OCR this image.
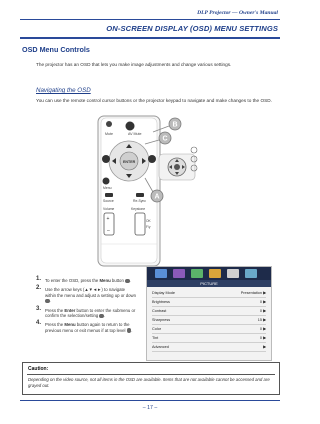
DLP Projector — Owner's Manual
ON-SCREEN DISPLAY (OSD) MENU SETTINGS
OSD Menu Controls
The projector has an OSD that lets you make image adjustments and change various settings.
Navigating the OSD
You can use the remote control cursor buttons or the projector keypad to navigate and make changes to the OSD.
Mute	AV Mute
ENTER
Menu
Source	Re-Sync
Volume
+
–
Keystone
OK
F/y
B
C
A
1. To enter the OSD, press the Menu button .
2. Use the arrow keys (▲▼◄►) to navigate within the menu and adjust a setting up or down .
3. Press the Enter button to enter the submenu or confirm the selection/setting .
4. Press the Menu button again to return to the previous menu or exit menus if at top level .
PICTURE
Display Mode	Presentation ▶
Brightness	0 ▶
Contrast	0 ▶
Sharpness	15 ▶
Color	0 ▶
Tint	0 ▶
Advanced	▶
Caution:
Depending on the video source, not all items in the OSD are available. Items that are not available cannot be accessed and are grayed out.
– 17 –
